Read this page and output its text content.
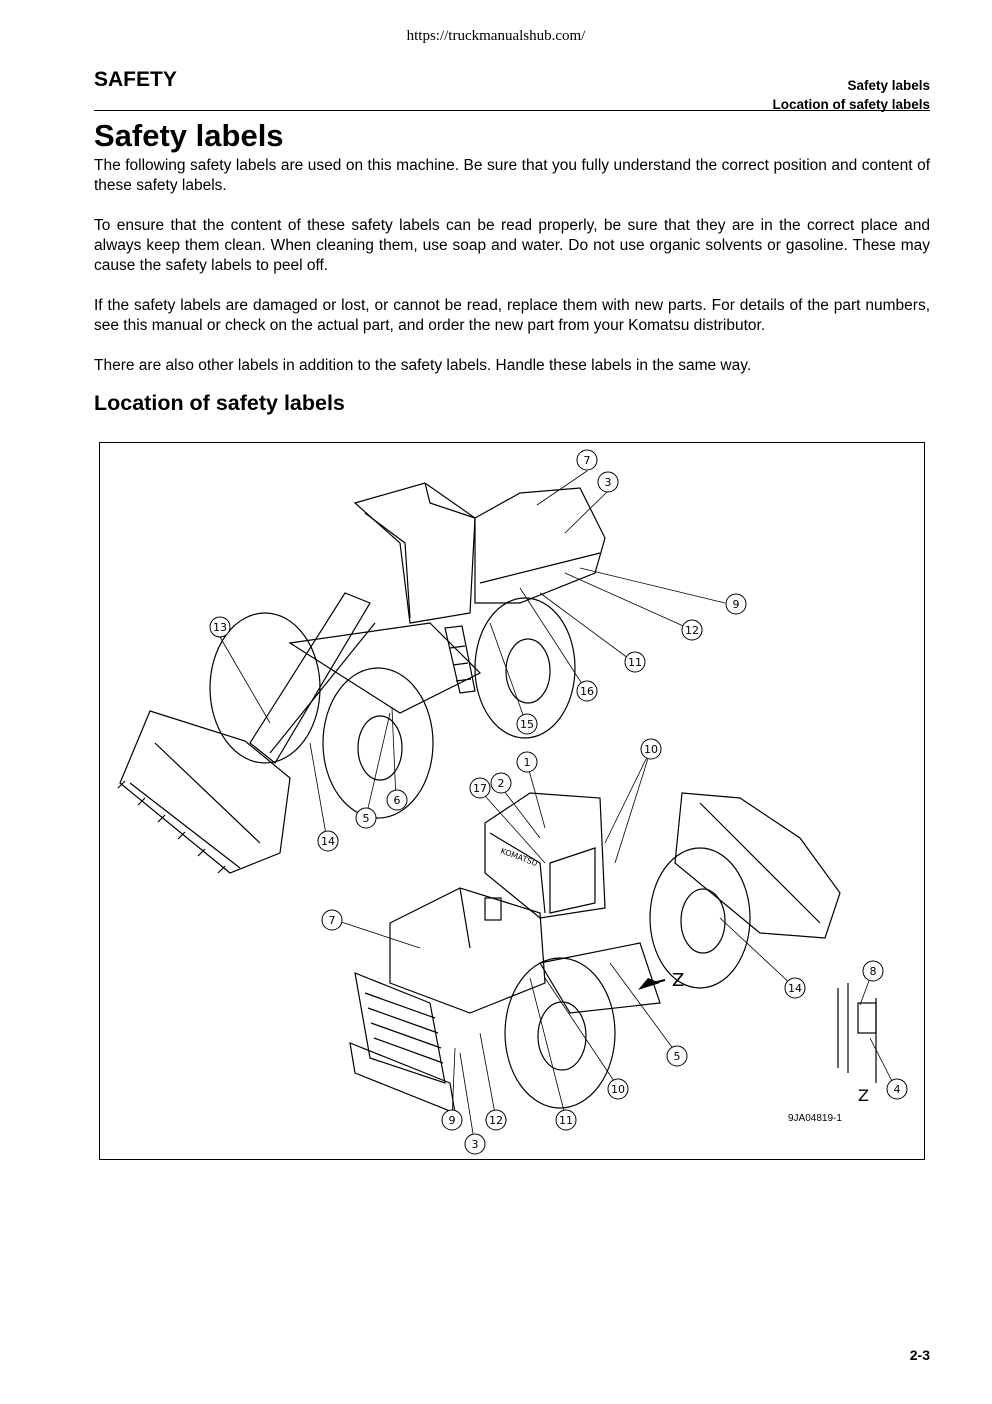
https://truckmanualshub.com/
SAFETY	Safety labels
Location of safety labels
Safety labels

The following safety labels are used on this machine. Be sure that you fully understand the correct position and content of these safety labels.

To ensure that the content of these safety labels can be read properly, be sure that they are in the correct place and always keep them clean. When cleaning them, use soap and water. Do not use organic solvents or gasoline. These may cause the safety labels to peel off.

If the safety labels are damaged or lost, or cannot be read, replace them with new parts. For details of the part numbers, see this manual or check on the actual part, and order the new part from your Komatsu distributor.

There are also other labels in addition to the safety labels. Handle these labels in the same way.

Location of safety labels
7
3
9
12
11
16
15
13
5
6
14
1
2
17
10
7
14
8
5
4
10
9	12	11
3
Z
Z
KOMATSU
9JA04819-1
2-3
